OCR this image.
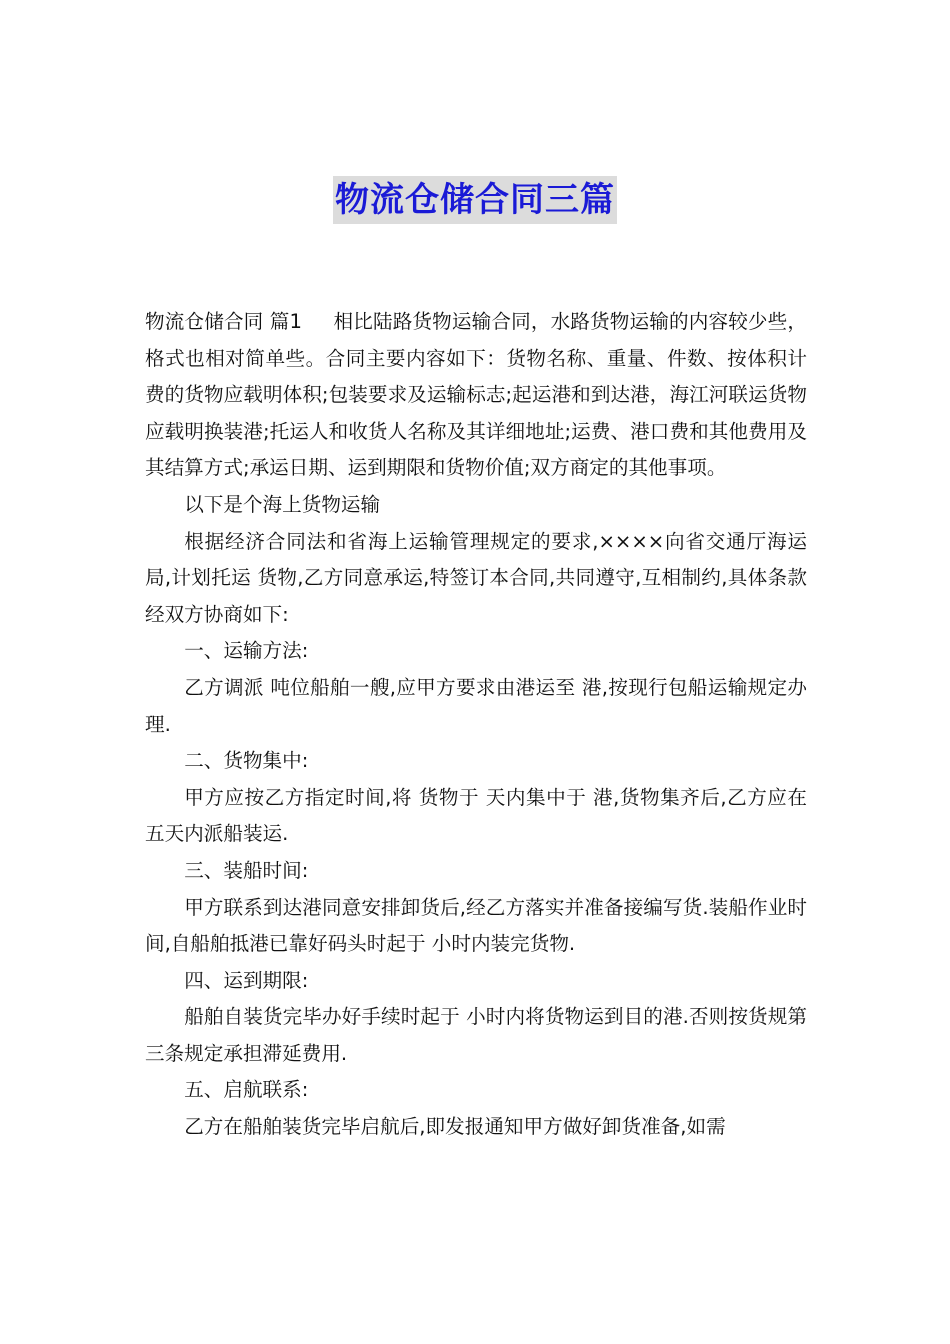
物流仓储合同三篇

物流仓储合同 篇1 相比陆路货物运输合同，水路货物运输的内容较少些，格式也相对简单些。合同主要内容如下：货物名称、重量、件数、按体积计费的货物应载明体积;包装要求及运输标志;起运港和到达港，海江河联运货物应载明换装港;托运人和收货人名称及其详细地址;运费、港口费和其他费用及其结算方式;承运日期、运到期限和货物价值;双方商定的其他事项。

以下是个海上货物运输

根据经济合同法和省海上运输管理规定的要求,××××向省交通厅海运局,计划托运 货物,乙方同意承运,特签订本合同,共同遵守,互相制约,具体条款经双方协商如下:

一、运输方法:

乙方调派 吨位船舶一艘,应甲方要求由港运至 港,按现行包船运输规定办理.

二、货物集中:

甲方应按乙方指定时间,将 货物于 天内集中于 港,货物集齐后,乙方应在五天内派船装运.

三、装船时间:

甲方联系到达港同意安排卸货后,经乙方落实并准备接编写货.装船作业时间,自船舶抵港已靠好码头时起于 小时内装完货物.

四、运到期限:

船舶自装货完毕办好手续时起于 小时内将货物运到目的港.否则按货规第三条规定承担滞延费用.

五、启航联系:

乙方在船舶装货完毕启航后,即发报通知甲方做好卸货准备,如需
